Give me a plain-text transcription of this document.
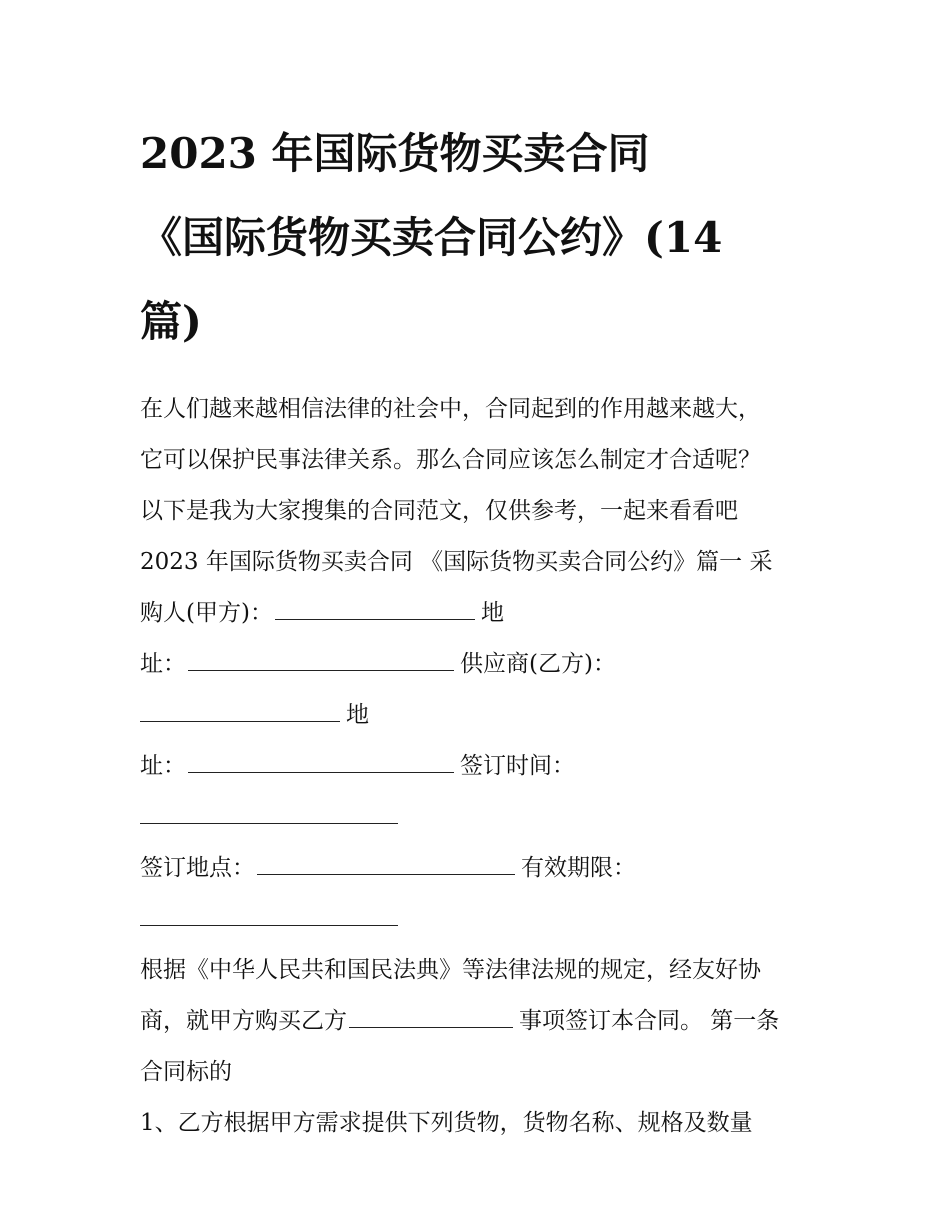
2023 年国际货物买卖合同
《国际货物买卖合同公约》(14
篇)
在人们越来越相信法律的社会中，合同起到的作用越来越大，
它可以保护民事法律关系。那么合同应该怎么制定才合适呢？
以下是我为大家搜集的合同范文，仅供参考，一起来看看吧
2023 年国际货物买卖合同 《国际货物买卖合同公约》篇一 采
购人(甲方)：	地
址：	供应商(乙方)：
地
址：	签订时间：
签订地点：	有效期限：
根据《中华人民共和国民法典》等法律法规的规定，经友好协
商，就甲方购买乙方	事项签订本合同。 第一条
合同标的
1、乙方根据甲方需求提供下列货物，货物名称、规格及数量
